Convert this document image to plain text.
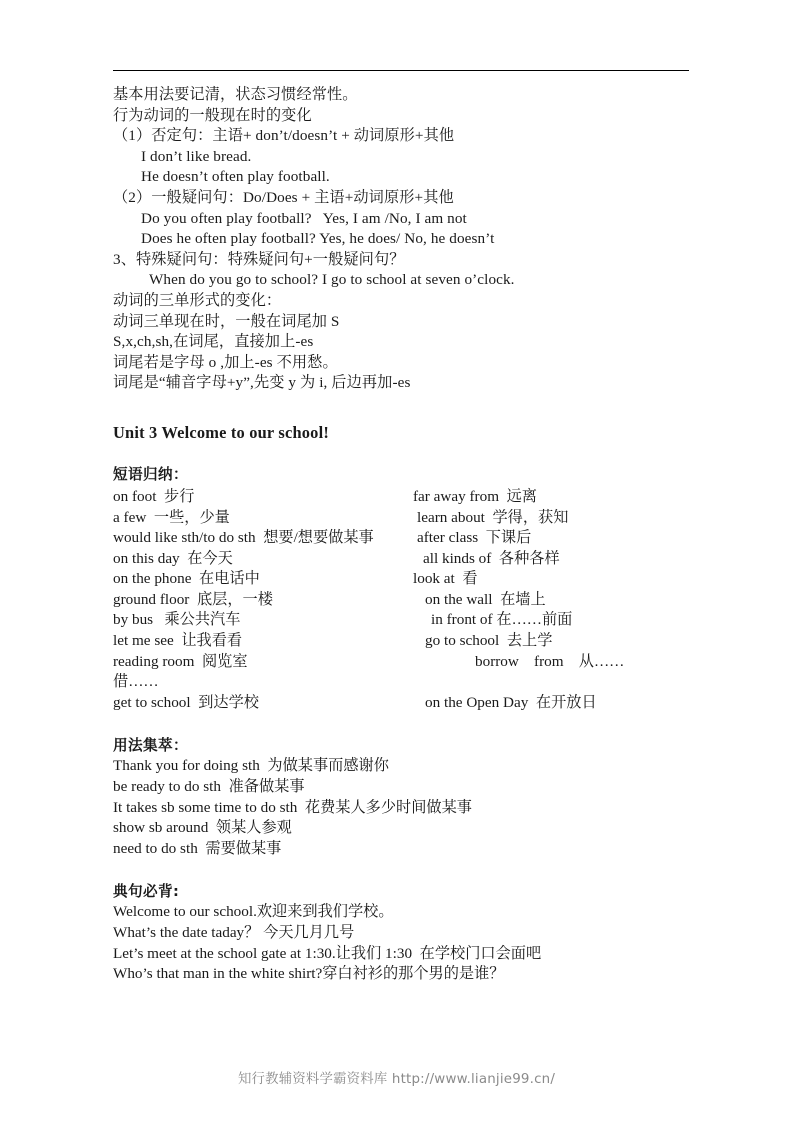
基本用法要记清，状态习惯经常性。
行为动词的一般现在时的变化
（1）否定句：主语+ don’t/doesn’t + 动词原形+其他
I don’t like bread.
He doesn’t often play football.
（2）一般疑问句：Do/Does + 主语+动词原形+其他
Do you often play football?   Yes, I am /No, I am not
Does he often play football? Yes, he does/ No, he doesn’t
3、特殊疑问句：特殊疑问句+一般疑问句？
When do you go to school? I go to school at seven o’clock.
动词的三单形式的变化：
动词三单现在时，一般在词尾加 S
S,x,ch,sh,在词尾，直接加上-es
词尾若是字母 o ,加上-es 不用愁。
词尾是“辅音字母+y”,先变 y 为 i, 后边再加-es
Unit 3 Welcome to our school!
短语归纳：
on foot  步行	far away from  远离
a few  一些，少量	learn about  学得，获知
would like sth/to do sth  想要/想要做某事	after class  下课后
on this day  在今天	all kinds of  各种各样
on the phone  在电话中	look at  看
ground floor  底层，一楼	on the wall  在墙上
by bus   乘公共汽车	in front of 在……前面
let me see  让我看看	go to school  去上学
reading room  阅览室	borrow    from    从……
借……
get to school  到达学校	on the Open Day  在开放日
用法集萃：
Thank you for doing sth  为做某事而感谢你
be ready to do sth  准备做某事
It takes sb some time to do sth  花费某人多少时间做某事
show sb around  领某人参观
need to do sth  需要做某事
典句必背:
Welcome to our school.欢迎来到我们学校。
What’s the date taday？ 今天几月几号
Let’s meet at the school gate at 1:30.让我们 1:30  在学校门口会面吧
Who’s that man in the white shirt?穿白衬衫的那个男的是谁？
知行教辅资料学霸资料库 http://www.lianjie99.cn/
